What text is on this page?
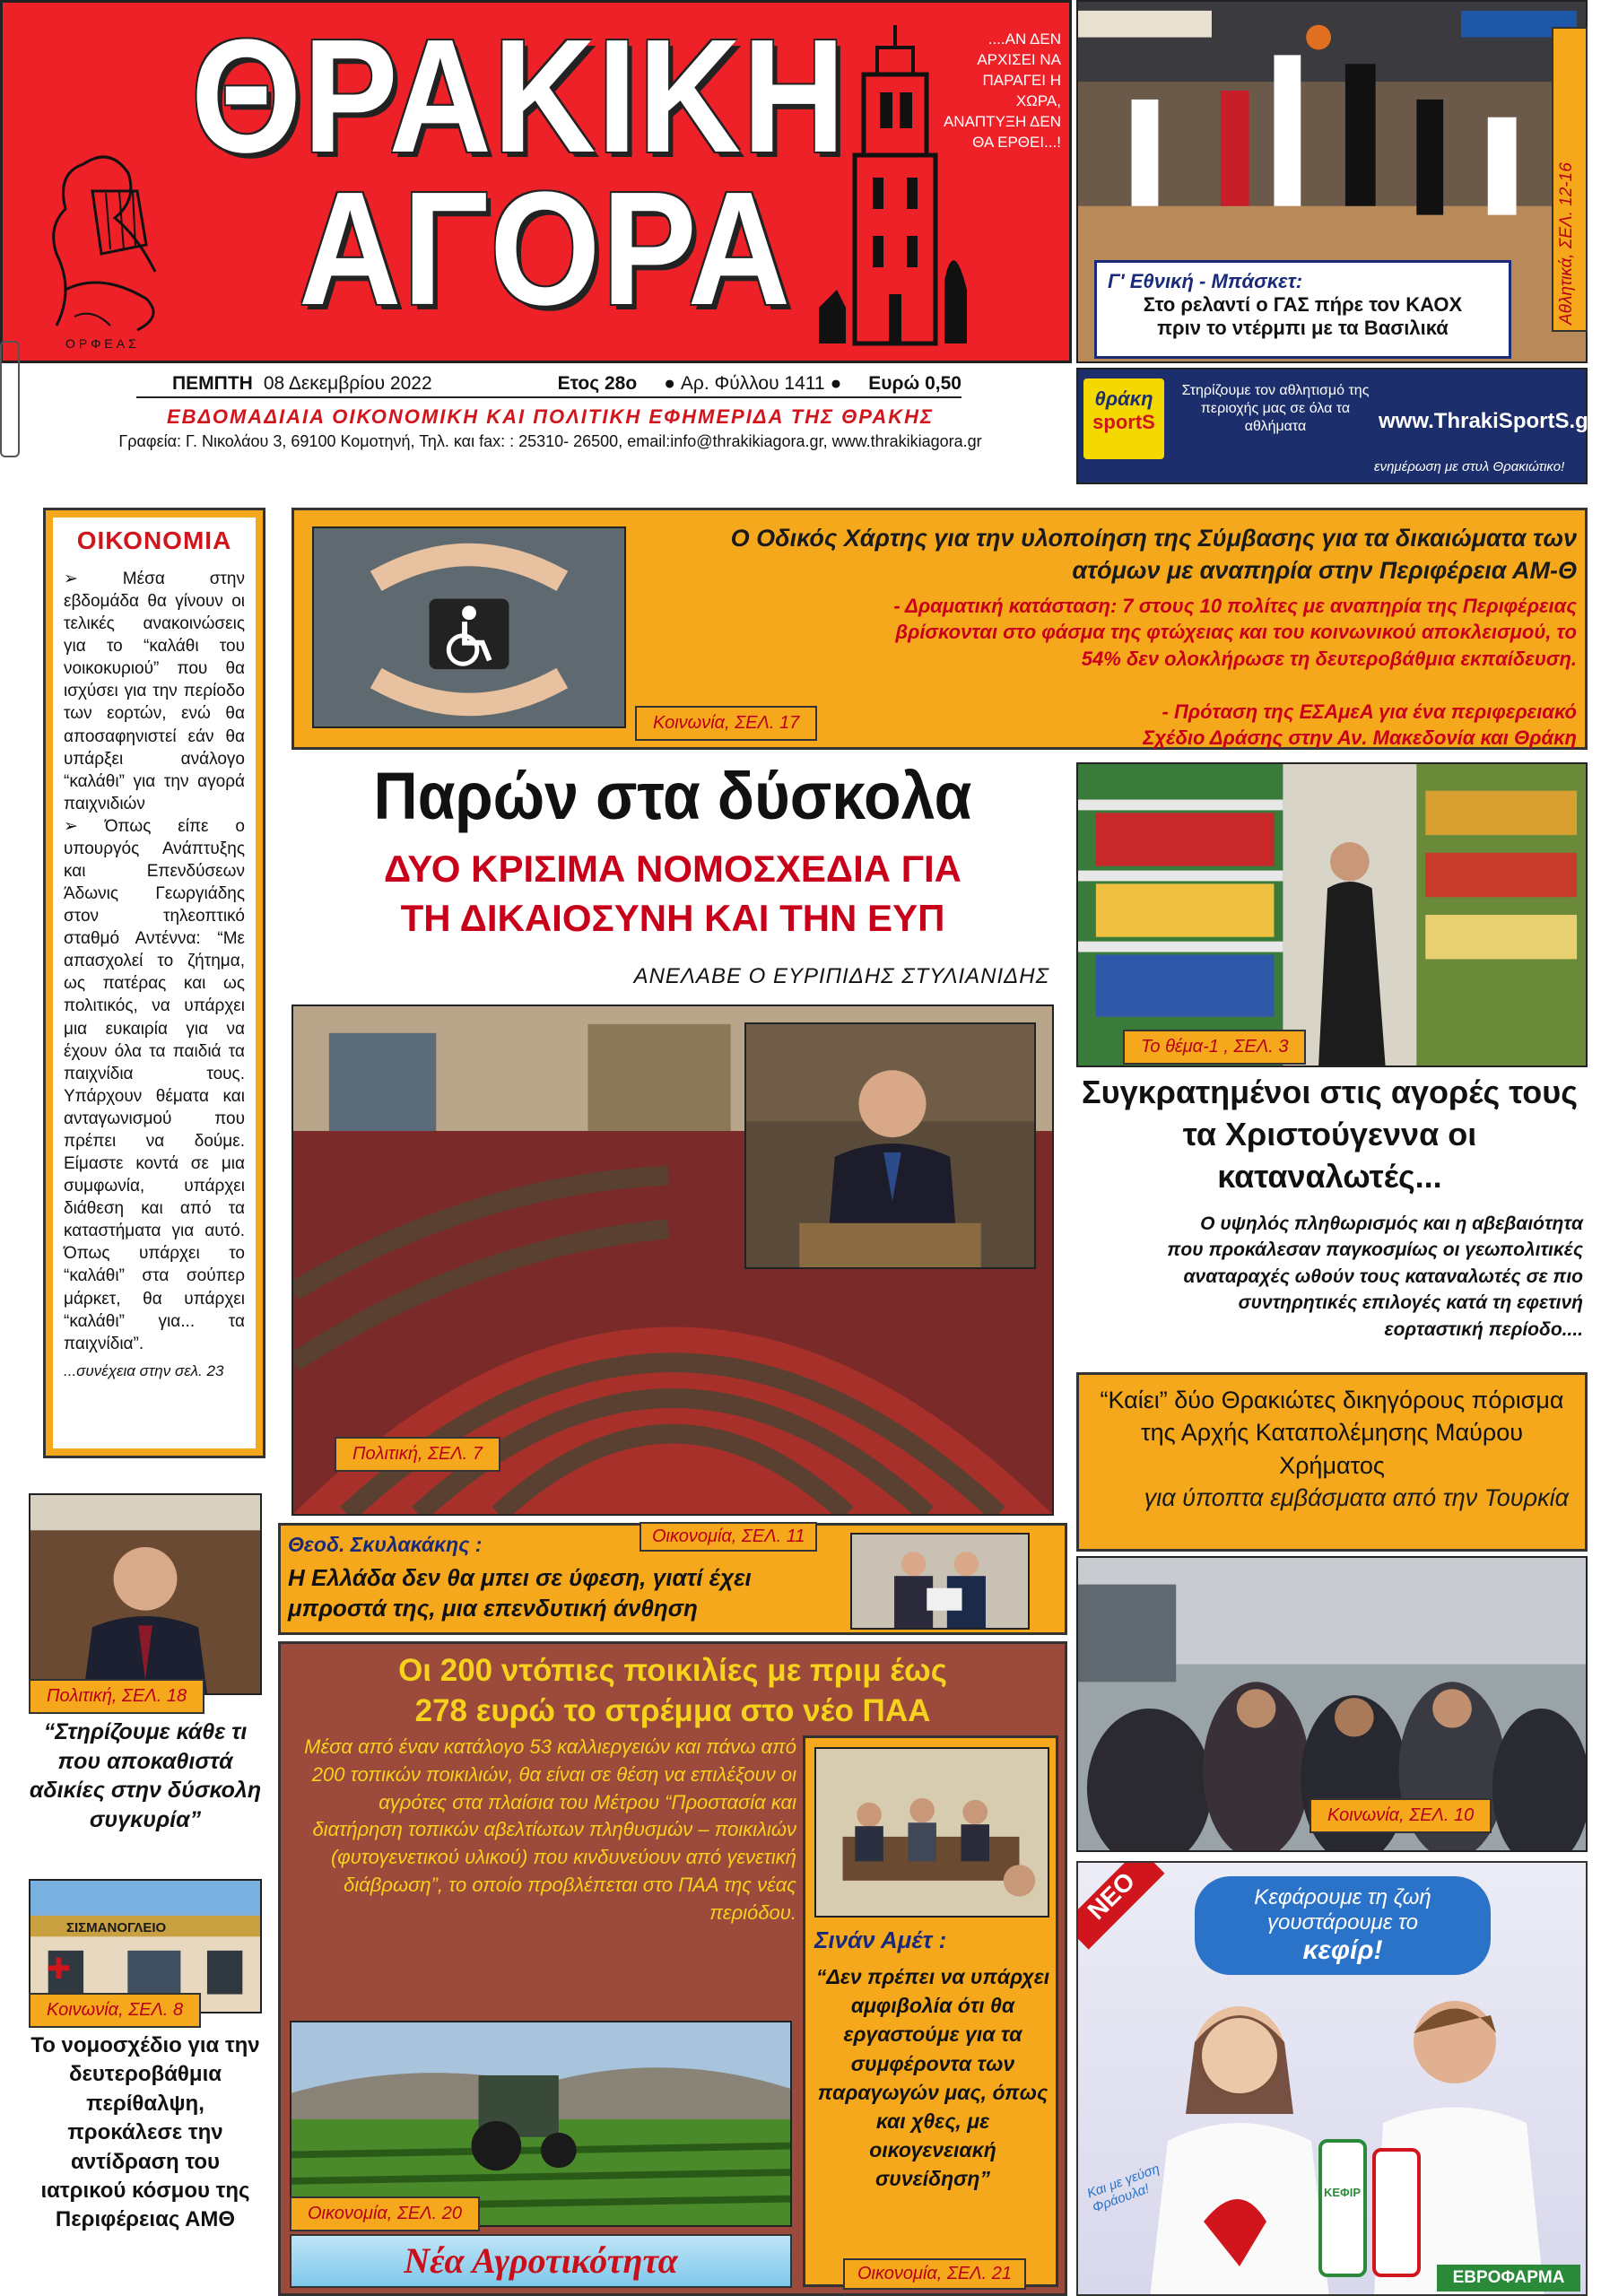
ΘΡΑΚΙΚΗ
ΑΓΟΡΑ
....ΑΝ ΔΕΝ ΑΡΧΙΣΕΙ ΝΑ ΠΑΡΑΓΕΙ Η ΧΩΡΑ, ΑΝΑΠΤΥΞΗ ΔΕΝ ΘΑ ΕΡΘΕΙ...!
ΟΡΦΕΑΣ
ΠΕΜΠΤΗ 08 Δεκεμβρίου 2022	Ετος 28ο ● Αρ. Φύλλου 1411 ● Ευρώ 0,50
ΕΒΔΟΜΑΔΙΑΙΑ ΟΙΚΟΝΟΜΙΚΗ ΚΑΙ ΠΟΛΙΤΙΚΗ ΕΦΗΜΕΡΙΔΑ ΤΗΣ ΘΡΑΚΗΣ
Γραφεία: Γ. Νικολάου 3, 69100 Κομοτηνή, Τηλ. και fax: : 25310- 26500, email:info@thrakikiagora.gr, www.thrakikiagora.gr
Αθλητικά, ΣΕΛ. 12-16
Γ' Εθνική - Μπάσκετ:
Στο ρελαντί ο ΓΑΣ πήρε τον ΚΑΟΧ
πριν το ντέρμπι με τα Βασιλικά
θράκη
sportS
Στηρίζουμε τον αθλητισμό της περιοχής μας σε όλα τα αθλήματα	www.ThrakiSportS.gr
ενημέρωση με στυλ Θρακιώτικο!
ΟΙΚΟΝΟΜΙΑ

➢ Μέσα στην εβδομάδα θα γίνουν οι τελικές ανακοινώσεις για το “καλάθι του νοικοκυριού” που θα ισχύσει για την περίοδο των εορτών, ενώ θα αποσαφηνιστεί εάν θα υπάρξει ανάλογο “καλάθι” για την αγορά παιχνιδιών

➢ Όπως είπε ο υπουργός Ανάπτυξης και Επενδύσεων Άδωνις Γεωργιάδης στον τηλεοπτικό σταθμό Αντέννα: “Με απασχολεί το ζήτημα, ως πατέρας και ως πολιτικός, να υπάρχει μια ευκαιρία για να έχουν όλα τα παιδιά τα παιχνίδια τους. Υπάρχουν θέματα και ανταγωνισμού που πρέπει να δούμε. Είμαστε κοντά σε μια συμφωνία, υπάρχει διάθεση και από τα καταστήματα για αυτό. Όπως υπάρχει το “καλάθι” στα σούπερ μάρκετ, θα υπάρχει “καλάθι” για... τα παιχνίδια”.

...συνέχεια στην σελ. 23
Κοινωνία, ΣΕΛ. 17
Ο Οδικός Χάρτης για την υλοποίηση της Σύμβασης για τα δικαιώματα των ατόμων με αναπηρία στην Περιφέρεια ΑΜ-Θ
- Δραματική κατάσταση: 7 στους 10 πολίτες με αναπηρία της Περιφέρειας βρίσκονται στο φάσμα της φτώχειας και του κοινωνικού αποκλεισμού, το 54% δεν ολοκλήρωσε τη δευτεροβάθμια εκπαίδευση.
- Πρόταση της ΕΣΑμεΑ για ένα περιφερειακό Σχέδιο Δράσης στην Αν. Μακεδονία και Θράκη
Παρών στα δύσκολα
ΔΥΟ ΚΡΙΣΙΜΑ ΝΟΜΟΣΧΕΔΙΑ ΓΙΑ
ΤΗ ΔΙΚΑΙΟΣΥΝΗ ΚΑΙ ΤΗΝ ΕΥΠ
ΑΝΕΛΑΒΕ Ο ΕΥΡΙΠΙΔΗΣ ΣΤΥΛΙΑΝΙΔΗΣ
Πολιτική, ΣΕΛ. 7
Θεοδ. Σκυλακάκης :
Η Ελλάδα δεν θα μπει σε ύφεση, γιατί έχει μπροστά της, μια επενδυτική άνθηση
Οικονομία, ΣΕΛ. 11
Το θέμα-1 , ΣΕΛ. 3
Συγκρατημένοι στις αγορές τους τα Χριστούγεννα οι καταναλωτές...
Ο υψηλός πληθωρισμός και η αβεβαιότητα που προκάλεσαν παγκοσμίως οι γεωπολιτικές αναταραχές ωθούν τους καταναλωτές σε πιο συντηρητικές επιλογές κατά τη εφετινή εορταστική περίοδο....
“Καίει” δύο Θρακιώτες δικηγόρους πόρισμα της Αρχής Καταπολέμησης Μαύρου Χρήματος
για ύποπτα εμβάσματα από την Τουρκία
Κοινωνία, ΣΕΛ. 10
Πολιτική, ΣΕΛ. 18
“Στηρίζουμε κάθε τι που αποκαθιστά αδικίες στην δύσκολη συγκυρία”
ΣΙΣΜΑΝΟΓΛΕΙΟ
Κοινωνία, ΣΕΛ. 8
Το νομοσχέδιο για την δευτεροβάθμια περίθαλψη, προκάλεσε την αντίδραση του ιατρικού κόσμου της Περιφέρειας ΑΜΘ
Οι 200 ντόπιες ποικιλίες με πριμ έως
278 ευρώ το στρέμμα στο νέο ΠΑΑ
Μέσα από έναν κατάλογο 53 καλλιεργειών και πάνω από 200 τοπικών ποικιλιών, θα είναι σε θέση να επιλέξουν οι αγρότες στα πλαίσια του Μέτρου “Προστασία και διατήρηση τοπικών αβελτίωτων πληθυσμών – ποικιλιών (φυτογενετικού υλικού) που κινδυνεύουν από γενετική διάβρωση”, το οποίο προβλέπεται στο ΠΑΑ της νέας περιόδου.
Οικονομία, ΣΕΛ. 20
Νέα Αγροτικότητα
Σινάν Αμέτ :
“Δεν πρέπει να υπάρχει αμφιβολία ότι θα εργαστούμε για τα συμφέροντα των παραγωγών μας, όπως και χθες, με οικογενειακή συνείδηση”
Οικονομία, ΣΕΛ. 21
ΝΕΟ	Κεφάρουμε τη ζωή
γουστάρουμε το
κεφίρ!
ΚΕΦΙΡ
Και με γεύση Φράουλα!
ΕΒΡΟΦΑΡΜΑ
